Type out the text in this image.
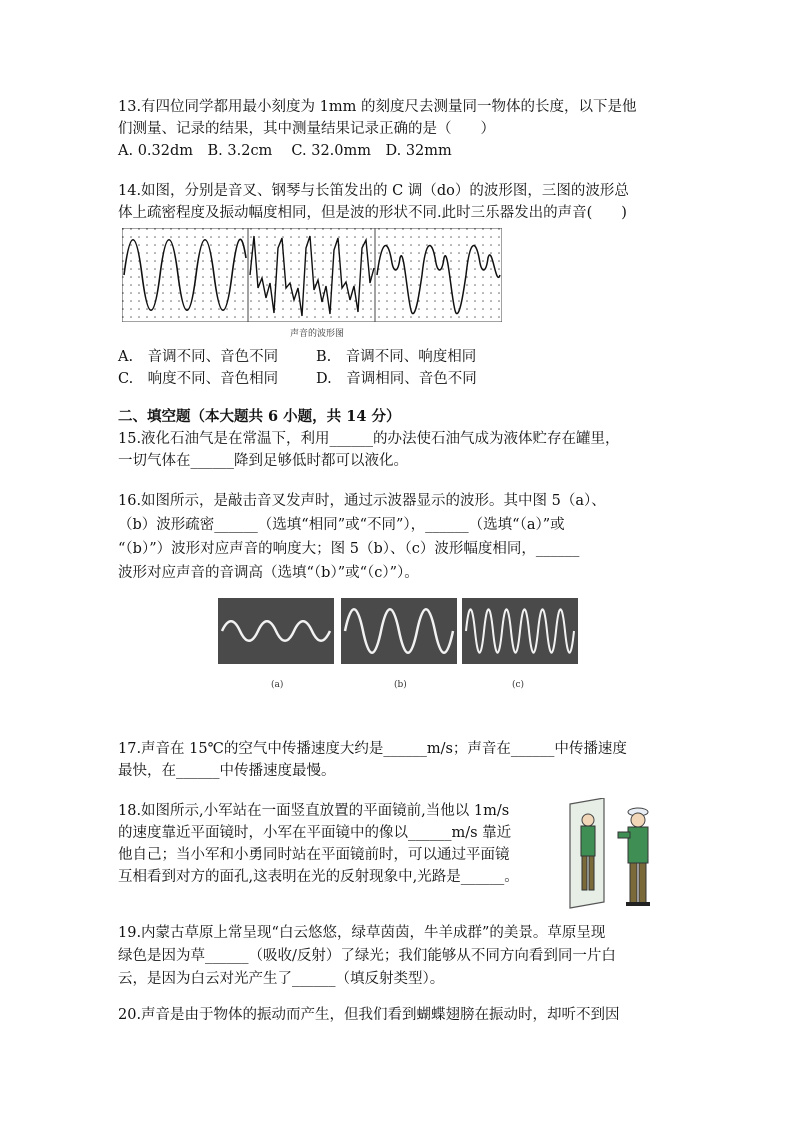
13.有四位同学都用最小刻度为 1mm 的刻度尺去测量同一物体的长度，以下是他
们测量、记录的结果，其中测量结果记录正确的是（　　）
A. 0.32dm　B. 3.2cm　 C. 32.0mm　D. 32mm
14.如图，分别是音叉、钢琴与长笛发出的 C 调（do）的波形图，三图的波形总
体上疏密程度及振动幅度相同，但是波的形状不同.此时三乐器发出的声音(　　)
声音的波形图
A.　音调不同、音色不同	B.　音调不同、响度相同
C.　响度不同、音色相同	D.　音调相同、音色不同
二、填空题（本大题共 6 小题，共 14 分）
15.液化石油气是在常温下，利用______的办法使石油气成为液体贮存在罐里，
一切气体在______降到足够低时都可以液化。
16.如图所示，是敲击音叉发声时，通过示波器显示的波形。其中图 5（a）、
（b）波形疏密______（选填“相同”或“不同”），______（选填“（a）”或
“（b）”）波形对应声音的响度大；图 5（b）、（c）波形幅度相同，______
波形对应声音的音调高（选填“（b）”或“（c）”）。
(a)	(b)	(c)
17.声音在 15℃的空气中传播速度大约是______m/s；声音在______中传播速度
最快，在______中传播速度最慢。
18.如图所示,小军站在一面竖直放置的平面镜前,当他以 1m/s
的速度靠近平面镜时，小军在平面镜中的像以______m/s 靠近
他自己；当小军和小勇同时站在平面镜前时，可以通过平面镜
互相看到对方的面孔,这表明在光的反射现象中,光路是______。
19.内蒙古草原上常呈现“白云悠悠，绿草茵茵，牛羊成群”的美景。草原呈现
绿色是因为草______（吸收/反射）了绿光；我们能够从不同方向看到同一片白
云，是因为白云对光产生了______（填反射类型）。
20.声音是由于物体的振动而产生，但我们看到蝴蝶翅膀在振动时，却听不到因
